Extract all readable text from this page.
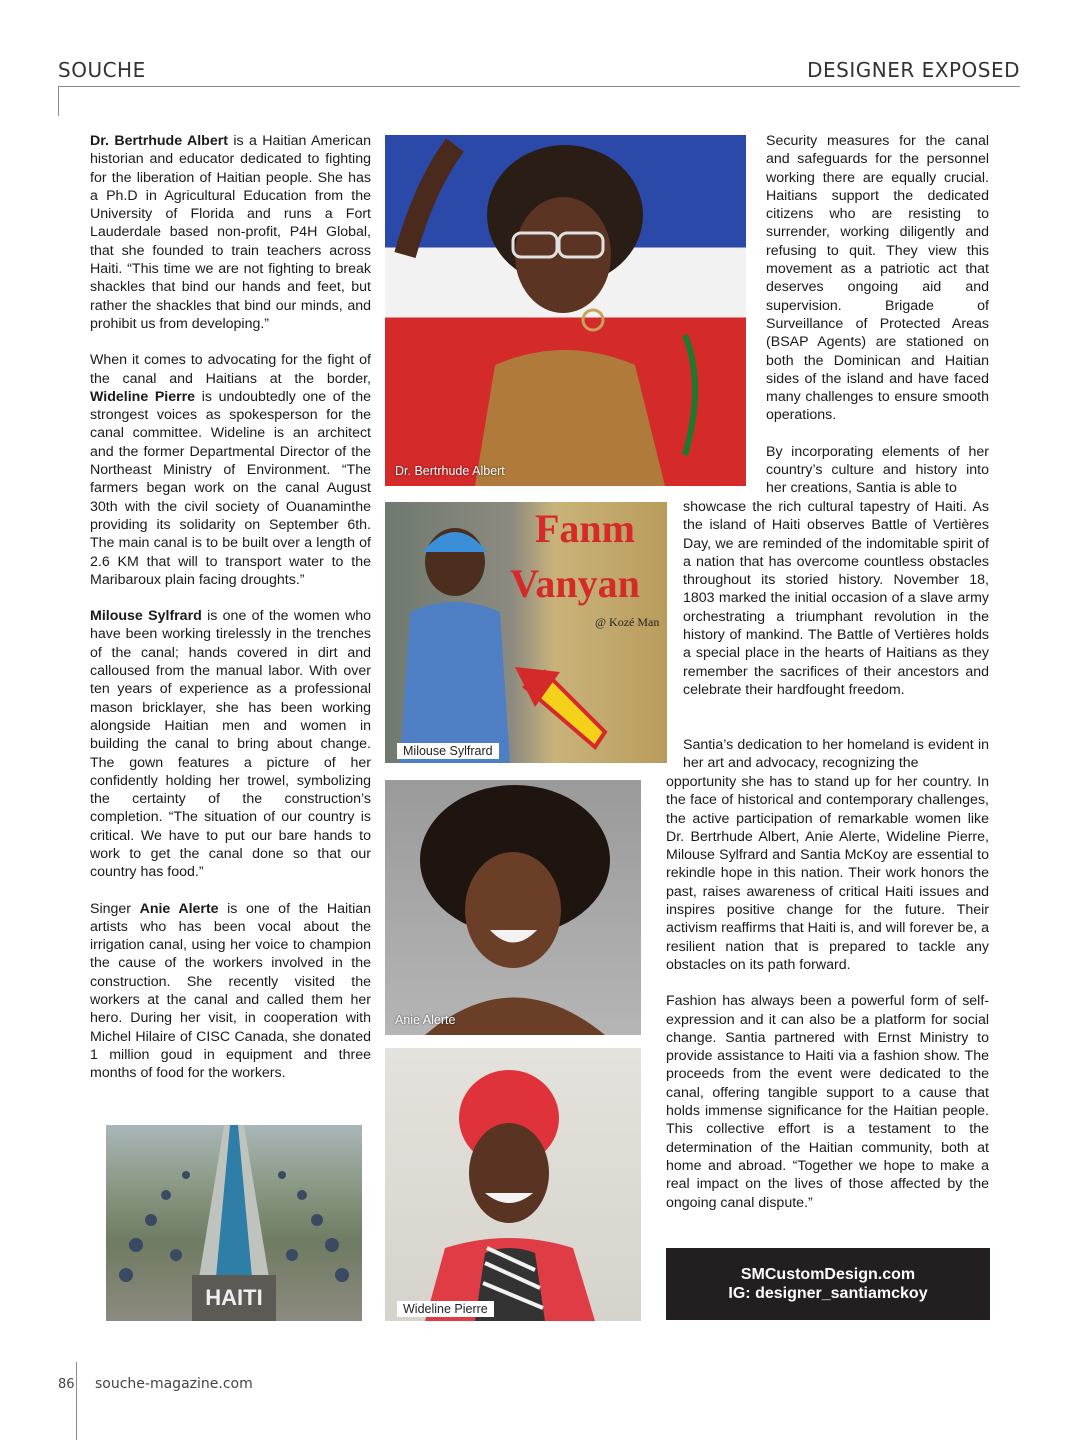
SOUCHE	DESIGNER EXPOSED

Dr. Bertrhude Albert is a Haitian American historian and educator dedicated to fighting for the liberation of Haitian people. She has a Ph.D in Agricultural Education from the University of Florida and runs a Fort Lauderdale based non-profit, P4H Global, that she founded to train teachers across Haiti. “This time we are not fighting to break shackles that bind our hands and feet, but rather the shackles that bind our minds, and prohibit us from developing.”

When it comes to advocating for the fight of the canal and Haitians at the border, Wideline Pierre is undoubtedly one of the strongest voices as spokesperson for the canal committee. Wideline is an architect and the former Departmental Director of the Northeast Ministry of Environment. “The farmers began work on the canal August 30th with the civil society of Ouanaminthe providing its solidarity on September 6th. The main canal is to be built over a length of 2.6 KM that will to transport water to the Maribaroux plain facing droughts.”

Milouse Sylfrard is one of the women who have been working tirelessly in the trenches of the canal; hands covered in dirt and calloused from the manual labor. With over ten years of experience as a professional mason bricklayer, she has been working alongside Haitian men and women in building the canal to bring about change. The gown features a picture of her confidently holding her trowel, symbolizing the certainty of the construction’s completion. “The situation of our country is critical. We have to put our bare hands to work to get the canal done so that our country has food.”

Singer Anie Alerte is one of the Haitian artists who has been vocal about the irrigation canal, using her voice to champion the cause of the workers involved in the construction. She recently visited the workers at the canal and called them her hero. During her visit, in cooperation with Michel Hilaire of CISC Canada, she donated 1 million goud in equipment and three months of food for the workers.

HAITI
Dr. Bertrhude Albert
Fanm
Vanyan
@ Kozé Man
Milouse Sylfrard
Anie Alerte
Wideline Pierre

Security measures for the canal and safeguards for the personnel working there are equally crucial. Haitians support the dedicated citizens who are resisting to surrender, working diligently and refusing to quit. They view this movement as a patriotic act that deserves ongoing aid and supervision. Brigade of Surveillance of Protected Areas (BSAP Agents) are stationed on both the Dominican and Haitian sides of the island and have faced many challenges to ensure smooth operations.

By incorporating elements of her country’s culture and history into her creations, Santia is able to

showcase the rich cultural tapestry of Haiti. As the island of Haiti observes Battle of Vertières Day, we are reminded of the indomitable spirit of a nation that has overcome countless obstacles throughout its storied history. November 18, 1803 marked the initial occasion of a slave army orchestrating a triumphant revolution in the history of mankind. The Battle of Vertières holds a special place in the hearts of Haitians as they remember the sacrifices of their ancestors and celebrate their hardfought freedom.

Santia’s dedication to her homeland is evident in her art and advocacy, recognizing the

opportunity she has to stand up for her country. In the face of historical and contemporary challenges, the active participation of remarkable women like Dr. Bertrhude Albert, Anie Alerte, Wideline Pierre, Milouse Sylfrard and Santia McKoy are essential to rekindle hope in this nation. Their work honors the past, raises awareness of critical Haiti issues and inspires positive change for the future. Their activism reaffirms that Haiti is, and will forever be, a resilient nation that is prepared to tackle any obstacles on its path forward.

Fashion has always been a powerful form of self-expression and it can also be a platform for social change. Santia partnered with Ernst Ministry to provide assistance to Haiti via a fashion show. The proceeds from the event were dedicated to the canal, offering tangible support to a cause that holds immense significance for the Haitian people. This collective effort is a testament to the determination of the Haitian community, both at home and abroad. “Together we hope to make a real impact on the lives of those affected by the ongoing canal dispute.”

SMCustomDesign.com
IG: designer_santiamckoy
86 souche-magazine.com
